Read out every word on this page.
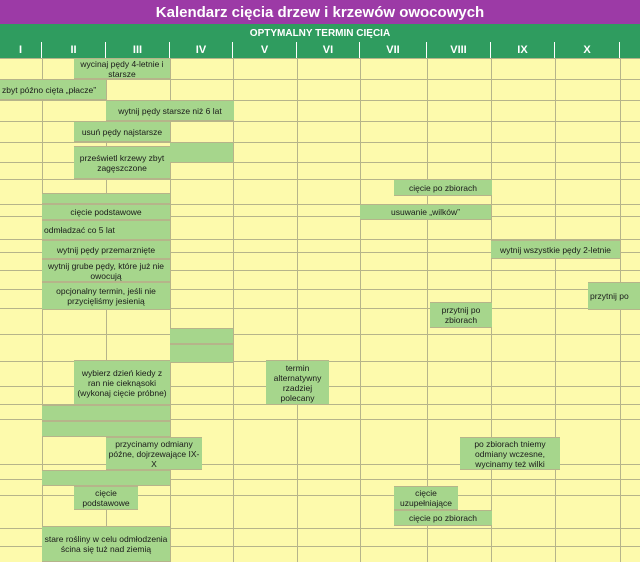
Kalendarz cięcia drzew i krzewów owocowych
OPTYMALNY TERMIN CIĘCIA
I	II	III	IV	V	VI	VII	VIII	IX	X
wycinaj pędy 4-letnie i starsze
zbyt późno cięta „płacze”
wytnij pędy starsze niż 6 lat
usuń pędy najstarsze
prześwietl krzewy zbyt zagęszczone
cięcie po zbiorach
cięcie podstawowe	usuwanie „wilków”
odmładzać co 5 lat
wytnij pędy przemarznięte	wytnij wszystkie pędy 2-letnie
wytnij grube pędy, które już nie owocują
opcjonalny termin, jeśli nie przycięliśmy jesienią	przytnij po
przytnij po zbiorach
wybierz dzień kiedy z ran nie cieknąsoki (wykonaj cięcie próbne)
termin alternatywny rzadziej polecany
przycinamy odmiany późne, dojrzewające IX-X
po zbiorach tniemy odmiany wczesne, wycinamy też wilki
cięcie podstawowe
cięcie uzupełniające
cięcie po zbiorach
stare rośliny w celu odmłodzenia ścina się tuż nad ziemią
